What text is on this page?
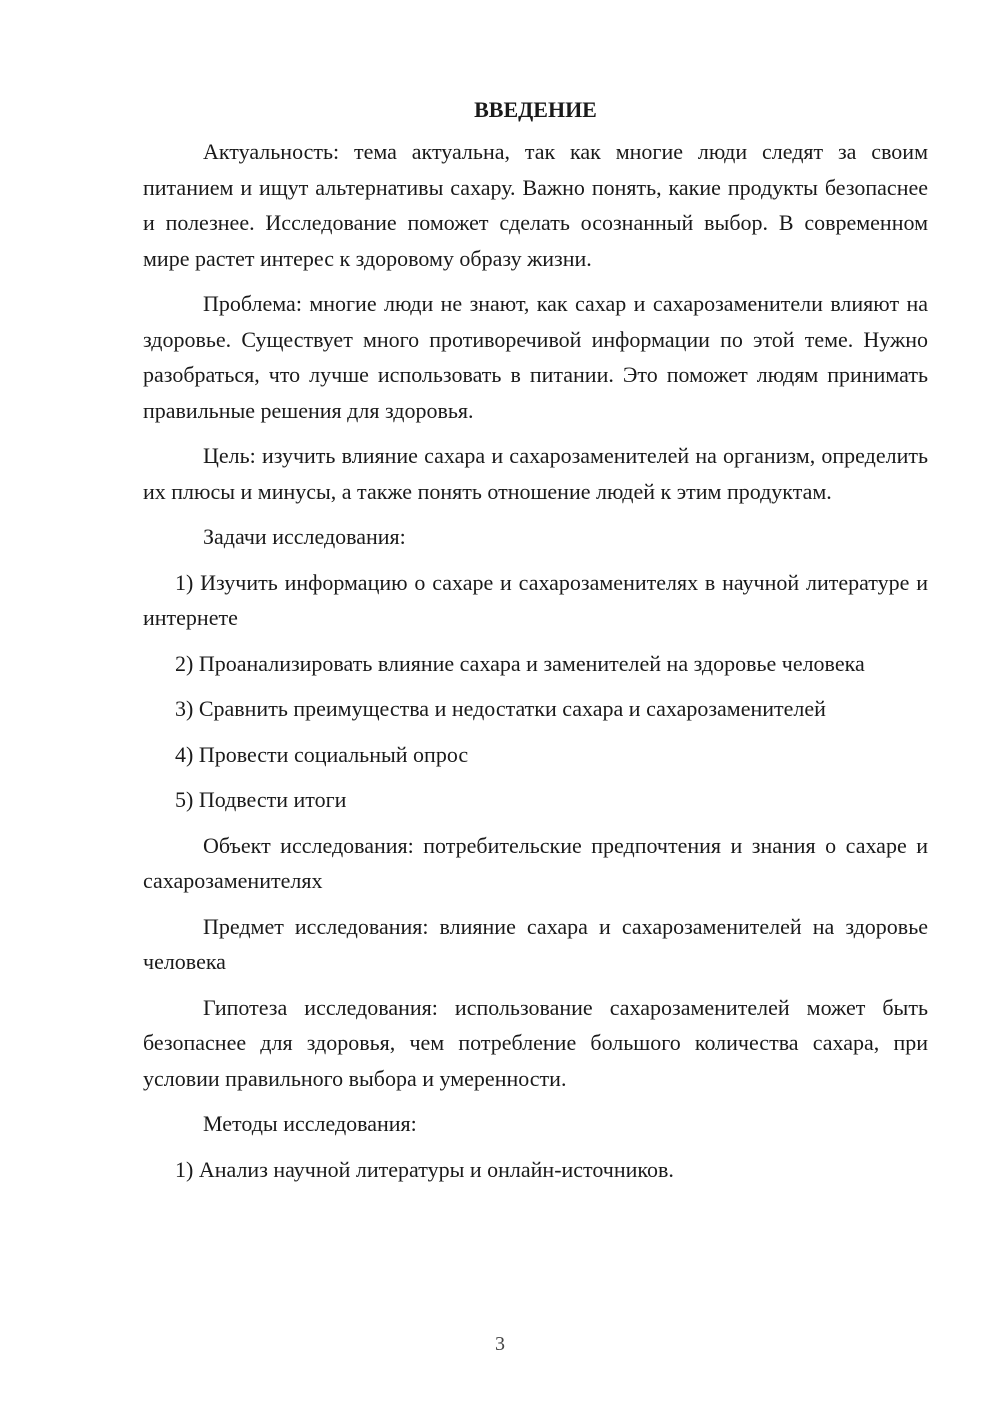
ВВЕДЕНИЕ

Актуальность: тема актуальна, так как многие люди следят за своим питанием и ищут альтернативы сахару. Важно понять, какие продукты безопаснее и полезнее. Исследование поможет сделать осознанный выбор. В современном мире растет интерес к здоровому образу жизни.

Проблема: многие люди не знают, как сахар и сахарозаменители влияют на здоровье. Существует много противоречивой информации по этой теме. Нужно разобраться, что лучше использовать в питании. Это поможет людям принимать правильные решения для здоровья.

Цель: изучить влияние сахара и сахарозаменителей на организм, определить их плюсы и минусы, а также понять отношение людей к этим продуктам.

Задачи исследования:

1) Изучить информацию о сахаре и сахарозаменителях в научной литературе и интернете

2) Проанализировать влияние сахара и заменителей на здоровье человека

3) Сравнить преимущества и недостатки сахара и сахарозаменителей

4) Провести социальный опрос

5) Подвести итоги

Объект исследования: потребительские предпочтения и знания о сахаре и сахарозаменителях

Предмет исследования: влияние сахара и сахарозаменителей на здоровье человека

Гипотеза исследования: использование сахарозаменителей может быть безопаснее для здоровья, чем потребление большого количества сахара, при условии правильного выбора и умеренности.

Методы исследования:

1) Анализ научной литературы и онлайн-источников.

3
